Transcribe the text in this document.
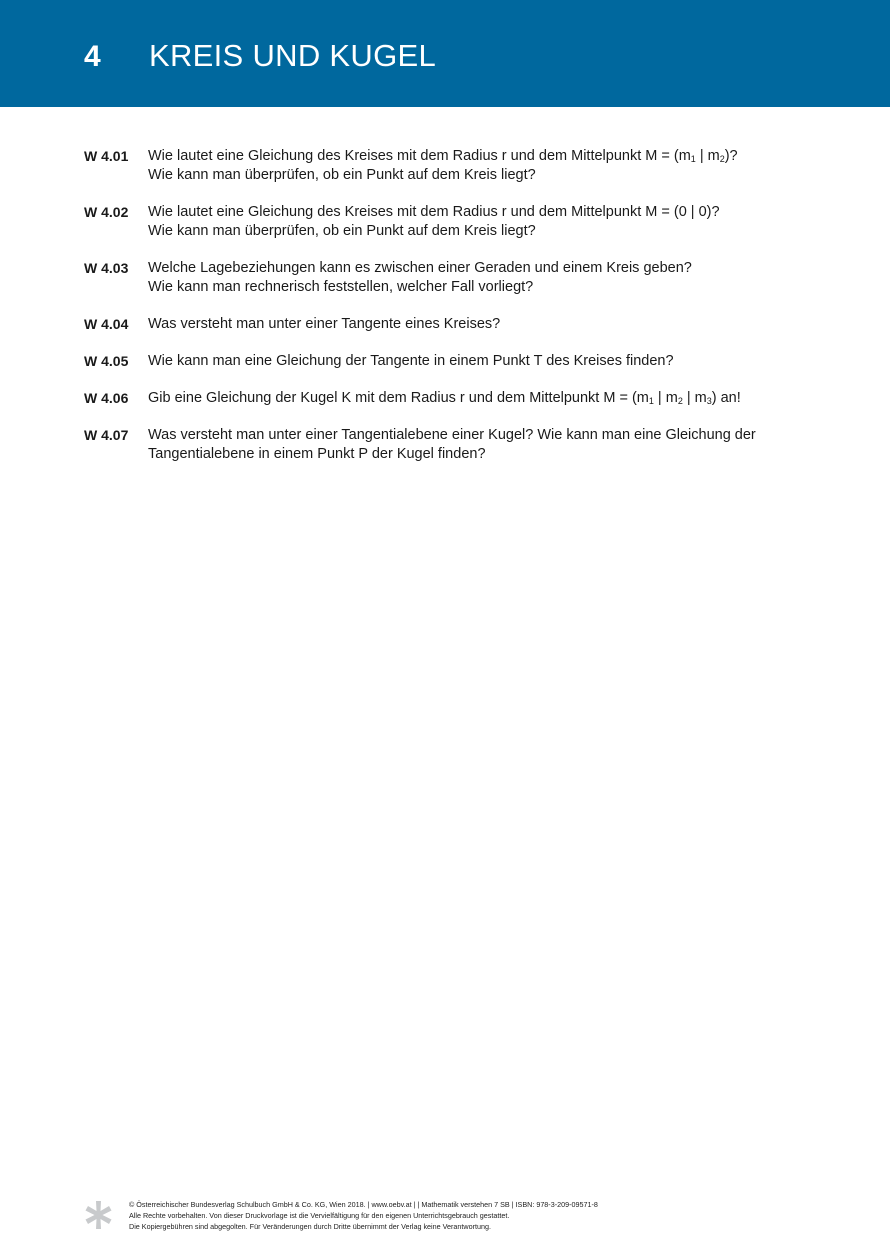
4 KREIS UND KUGEL
W 4.01 Wie lautet eine Gleichung des Kreises mit dem Radius r und dem Mittelpunkt $M = (m_1$ | $m_2$)?
Wie kann man überprüfen, ob ein Punkt auf dem Kreis liegt?
W 4.02 Wie lautet eine Gleichung des Kreises mit dem Radius r und dem Mittelpunkt M = (0 | 0)?
Wie kann man überprüfen, ob ein Punkt auf dem Kreis liegt?
W 4.03 Welche Lagebeziehungen kann es zwischen einer Geraden und einem Kreis geben?
Wie kann man rechnerisch feststellen, welcher Fall vorliegt?
W 4.04 Was versteht man unter einer Tangente eines Kreises?
W 4.05 Wie kann man eine Gleichung der Tangente in einem Punkt T des Kreises finden?
W 4.06 Gib eine Gleichung der Kugel K mit dem Radius r und dem Mittelpunkt $M = (m_1$ | $m_2$ | $m_3$) an!
W 4.07 Was versteht man unter einer Tangentialebene einer Kugel? Wie kann man eine Gleichung der
Tangentialebene in einem Punkt P der Kugel finden?
© Österreichischer Bundesverlag Schulbuch GmbH & Co. KG, Wien 2018. | www.oebv.at | | Mathematik verstehen 7 SB | ISBN: 978-3-209-09571-8
Alle Rechte vorbehalten. Von dieser Druckvorlage ist die Vervielfältigung für den eigenen Unterrichtsgebrauch gestattet.
Die Kopiergebühren sind abgegolten. Für Veränderungen durch Dritte übernimmt der Verlag keine Verantwortung.
